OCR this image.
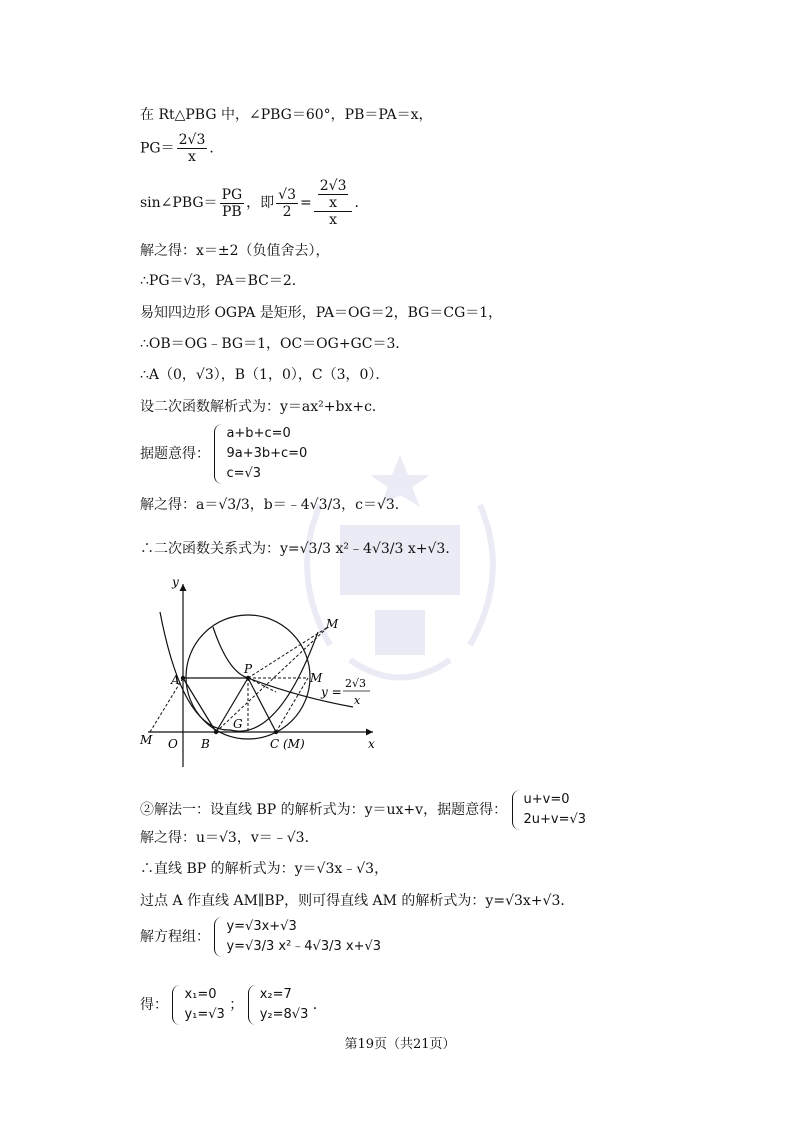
在 Rt△PBG 中，∠PBG＝60°，PB＝PA＝x，
$PG= \frac{2√3}{x}$ ．
sin∠PBG＝ $\frac{PG}{PB}$ ，即 $\frac{√3}{2} = \frac{\frac{2√3}{x}}{x}$ ．
解之得：x＝±2（负值舍去），
∴PG＝√3，PA＝BC＝2．
易知四边形 OGPA 是矩形，PA＝OG＝2，BG＝CG＝1，
∴OB＝OG﹣BG＝1，OC＝OG+GC＝3．
∴A（0，√3），B（1，0），C（3，0）．
设二次函数解析式为：y＝ax²+bx+c．
据题意得：
a+b+c=0
9a+3b+c=0
c=√3
解之得：a＝√3/3，b＝﹣4√3/3，c＝√3．
∴二次函数关系式为：y=√3/3 x²﹣4√3/3 x+√3．
y
x
O
A
B	C (M)
P
G
M
M
M
y =
2√3
x
②解法一：设直线 BP 的解析式为：y＝ux+v，据题意得：
u+v=0
2u+v=√3
解之得：u＝√3，v＝﹣√3．
∴直线 BP 的解析式为：y＝√3x﹣√3，
过点 A 作直线 AM∥BP，则可得直线 AM 的解析式为：y=√3x+√3．
解方程组：
y=√3x+√3
y=√3/3 x²﹣4√3/3 x+√3
得：
x₁=0
y₁=√3
；
x₂=7
y₂=8√3
．
第19页（共21页）
